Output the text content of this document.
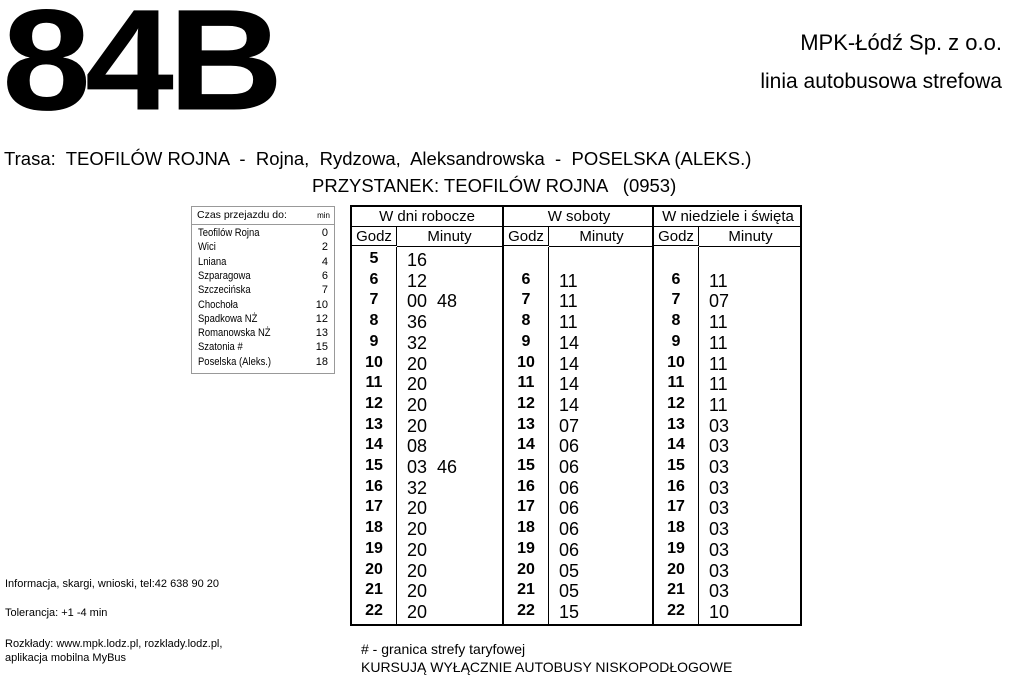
84B	MPK-Łódź Sp. z o.o.
linia autobusowa strefowa
Trasa:  TEOFILÓW ROJNA  -  Rojna,  Rydzowa,  Aleksandrowska  -  POSELSKA (ALEKS.)
PRZYSTANEK: TEOFILÓW ROJNA   (0953)
Czas przejazdu do:	min
Teofilów Rojna	0
Wici	2
Lniana	4
Szparagowa	6
Szczecińska	7
Chochoła	10
Spadkowa NŻ	12
Romanowska NŻ	13
Szatonia #	15
Poselska (Aleks.)	18
W dni robocze
Godz	Minuty
5	16
6	12
7	00  48
8	36
9	32
10	20
11	20
12	20
13	20
14	08
15	03  46
16	32
17	20
18	20
19	20
20	20
21	20
22	20
W soboty
Godz	Minuty
6	11
7	11
8	11
9	14
10	14
11	14
12	14
13	07
14	06
15	06
16	06
17	06
18	06
19	06
20	05
21	05
22	15
W niedziele i święta
Godz	Minuty
6	11
7	07
8	11
9	11
10	11
11	11
12	11
13	03
14	03
15	03
16	03
17	03
18	03
19	03
20	03
21	03
22	10
Informacja, skargi, wnioski, tel:42 638 90 20
Tolerancja: +1 -4 min
Rozkłady: www.mpk.lodz.pl, rozklady.lodz.pl,
aplikacja mobilna MyBus
# - granica strefy taryfowej
KURSUJĄ WYŁĄCZNIE AUTOBUSY NISKOPODŁOGOWE
